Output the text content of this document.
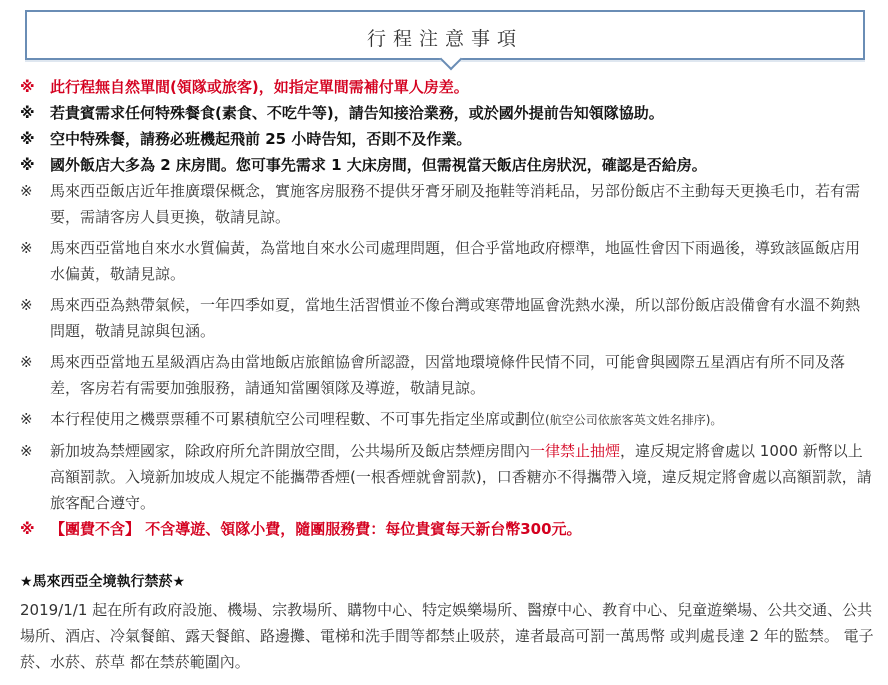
行程注意事項
※	此行程無自然單間(領隊或旅客)，如指定單間需補付單人房差。
※	若貴賓需求任何特殊餐食(素食、不吃牛等)，請告知接洽業務，或於國外提前告知領隊協助。
※	空中特殊餐，請務必班機起飛前 25 小時告知，否則不及作業。
※	國外飯店大多為 2 床房間。您可事先需求 1 大床房間，但需視當天飯店住房狀況，確認是否給房。
※	馬來西亞飯店近年推廣環保概念，實施客房服務不提供牙膏牙刷及拖鞋等消耗品，另部份飯店不主動每天更換毛巾，若有需要，需請客房人員更換，敬請見諒。
※	馬來西亞當地自來水水質偏黃，為當地自來水公司處理問題，但合乎當地政府標準，地區性會因下雨過後，導致該區飯店用水偏黃，敬請見諒。
※	馬來西亞為熱帶氣候，一年四季如夏，當地生活習慣並不像台灣或寒帶地區會洗熱水澡，所以部份飯店設備會有水溫不夠熱問題，敬請見諒與包涵。
※	馬來西亞當地五星級酒店為由當地飯店旅館協會所認證，因當地環境條件民情不同，可能會與國際五星酒店有所不同及落差，客房若有需要加強服務，請通知當團領隊及導遊，敬請見諒。
※	本行程使用之機票票種不可累積航空公司哩程數、不可事先指定坐席或劃位(航空公司依旅客英文姓名排序)。
※	新加坡為禁煙國家，除政府所允許開放空間，公共場所及飯店禁煙房間內一律禁止抽煙，違反規定將會處以 1000 新幣以上高額罰款。入境新加坡成人規定不能攜帶香煙(一根香煙就會罰款)，口香糖亦不得攜帶入境，違反規定將會處以高額罰款，請旅客配合遵守。
※	【團費不含】 不含導遊、領隊小費，隨團服務費：每位貴賓每天新台幣300元。
★馬來西亞全境執行禁菸★
2019/1/1 起在所有政府設施、機場、宗教場所、購物中心、特定娛樂場所、醫療中心、教育中心、兒童遊樂場、公共交通、公共場所、酒店、冷氣餐館、露天餐館、路邊攤、電梯和洗手間等都禁止吸菸，違者最高可罰一萬馬幣 或判處長達 2 年的監禁。 電子菸、水菸、菸草 都在禁菸範圍內。
